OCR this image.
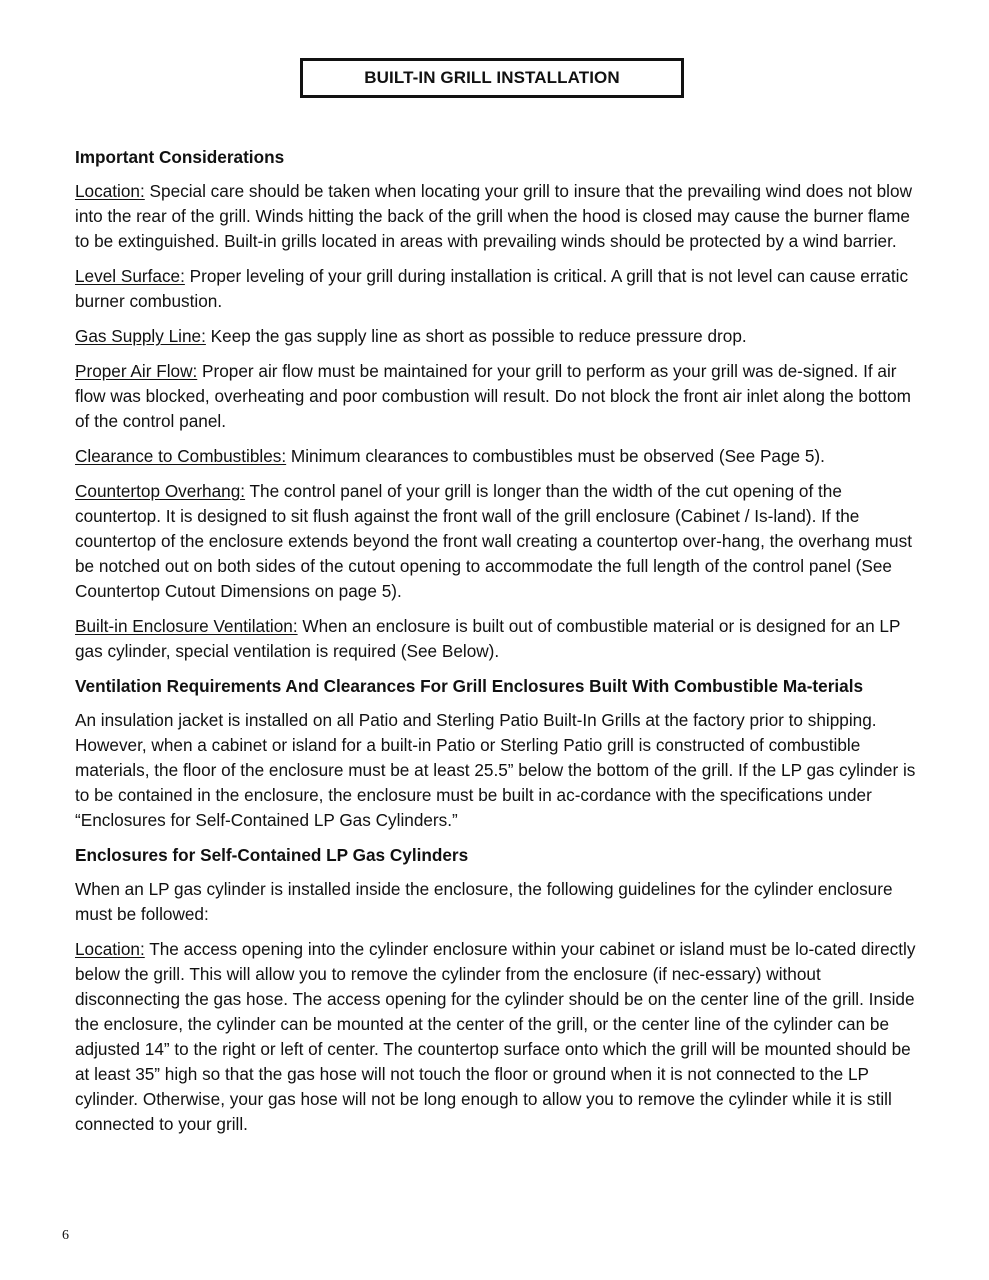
BUILT-IN GRILL INSTALLATION
Important Considerations

Location: Special care should be taken when locating your grill to insure that the prevailing wind does not blow into the rear of the grill. Winds hitting the back of the grill when the hood is closed may cause the burner flame to be extinguished. Built-in grills located in areas with prevailing winds should be protected by a wind barrier.

Level Surface: Proper leveling of your grill during installation is critical. A grill that is not level can cause erratic burner combustion.

Gas Supply Line: Keep the gas supply line as short as possible to reduce pressure drop.

Proper Air Flow: Proper air flow must be maintained for your grill to perform as your grill was de-signed. If air flow was blocked, overheating and poor combustion will result. Do not block the front air inlet along the bottom of the control panel.

Clearance to Combustibles: Minimum clearances to combustibles must be observed (See Page 5).

Countertop Overhang: The control panel of your grill is longer than the width of the cut opening of the countertop. It is designed to sit flush against the front wall of the grill enclosure (Cabinet / Is-land). If the countertop of the enclosure extends beyond the front wall creating a countertop over-hang, the overhang must be notched out on both sides of the cutout opening to accommodate the full length of the control panel (See Countertop Cutout Dimensions on page 5).

Built-in Enclosure Ventilation: When an enclosure is built out of combustible material or is designed for an LP gas cylinder, special ventilation is required (See Below).

Ventilation Requirements And Clearances For Grill Enclosures Built With Combustible Ma-terials

An insulation jacket is installed on all Patio and Sterling Patio Built-In Grills at the factory prior to shipping. However, when a cabinet or island for a built-in Patio or Sterling Patio grill is constructed of combustible materials, the floor of the enclosure must be at least 25.5” below the bottom of the grill. If the LP gas cylinder is to be contained in the enclosure, the enclosure must be built in ac-cordance with the specifications under “Enclosures for Self-Contained LP Gas Cylinders.”

Enclosures for Self-Contained LP Gas Cylinders

When an LP gas cylinder is installed inside the enclosure, the following guidelines for the cylinder enclosure must be followed:

Location: The access opening into the cylinder enclosure within your cabinet or island must be lo-cated directly below the grill. This will allow you to remove the cylinder from the enclosure (if nec-essary) without disconnecting the gas hose. The access opening for the cylinder should be on the center line of the grill. Inside the enclosure, the cylinder can be mounted at the center of the grill, or the center line of the cylinder can be adjusted 14” to the right or left of center. The countertop surface onto which the grill will be mounted should be at least 35” high so that the gas hose will not touch the floor or ground when it is not connected to the LP cylinder. Otherwise, your gas hose will not be long enough to allow you to remove the cylinder while it is still connected to your grill.

6
